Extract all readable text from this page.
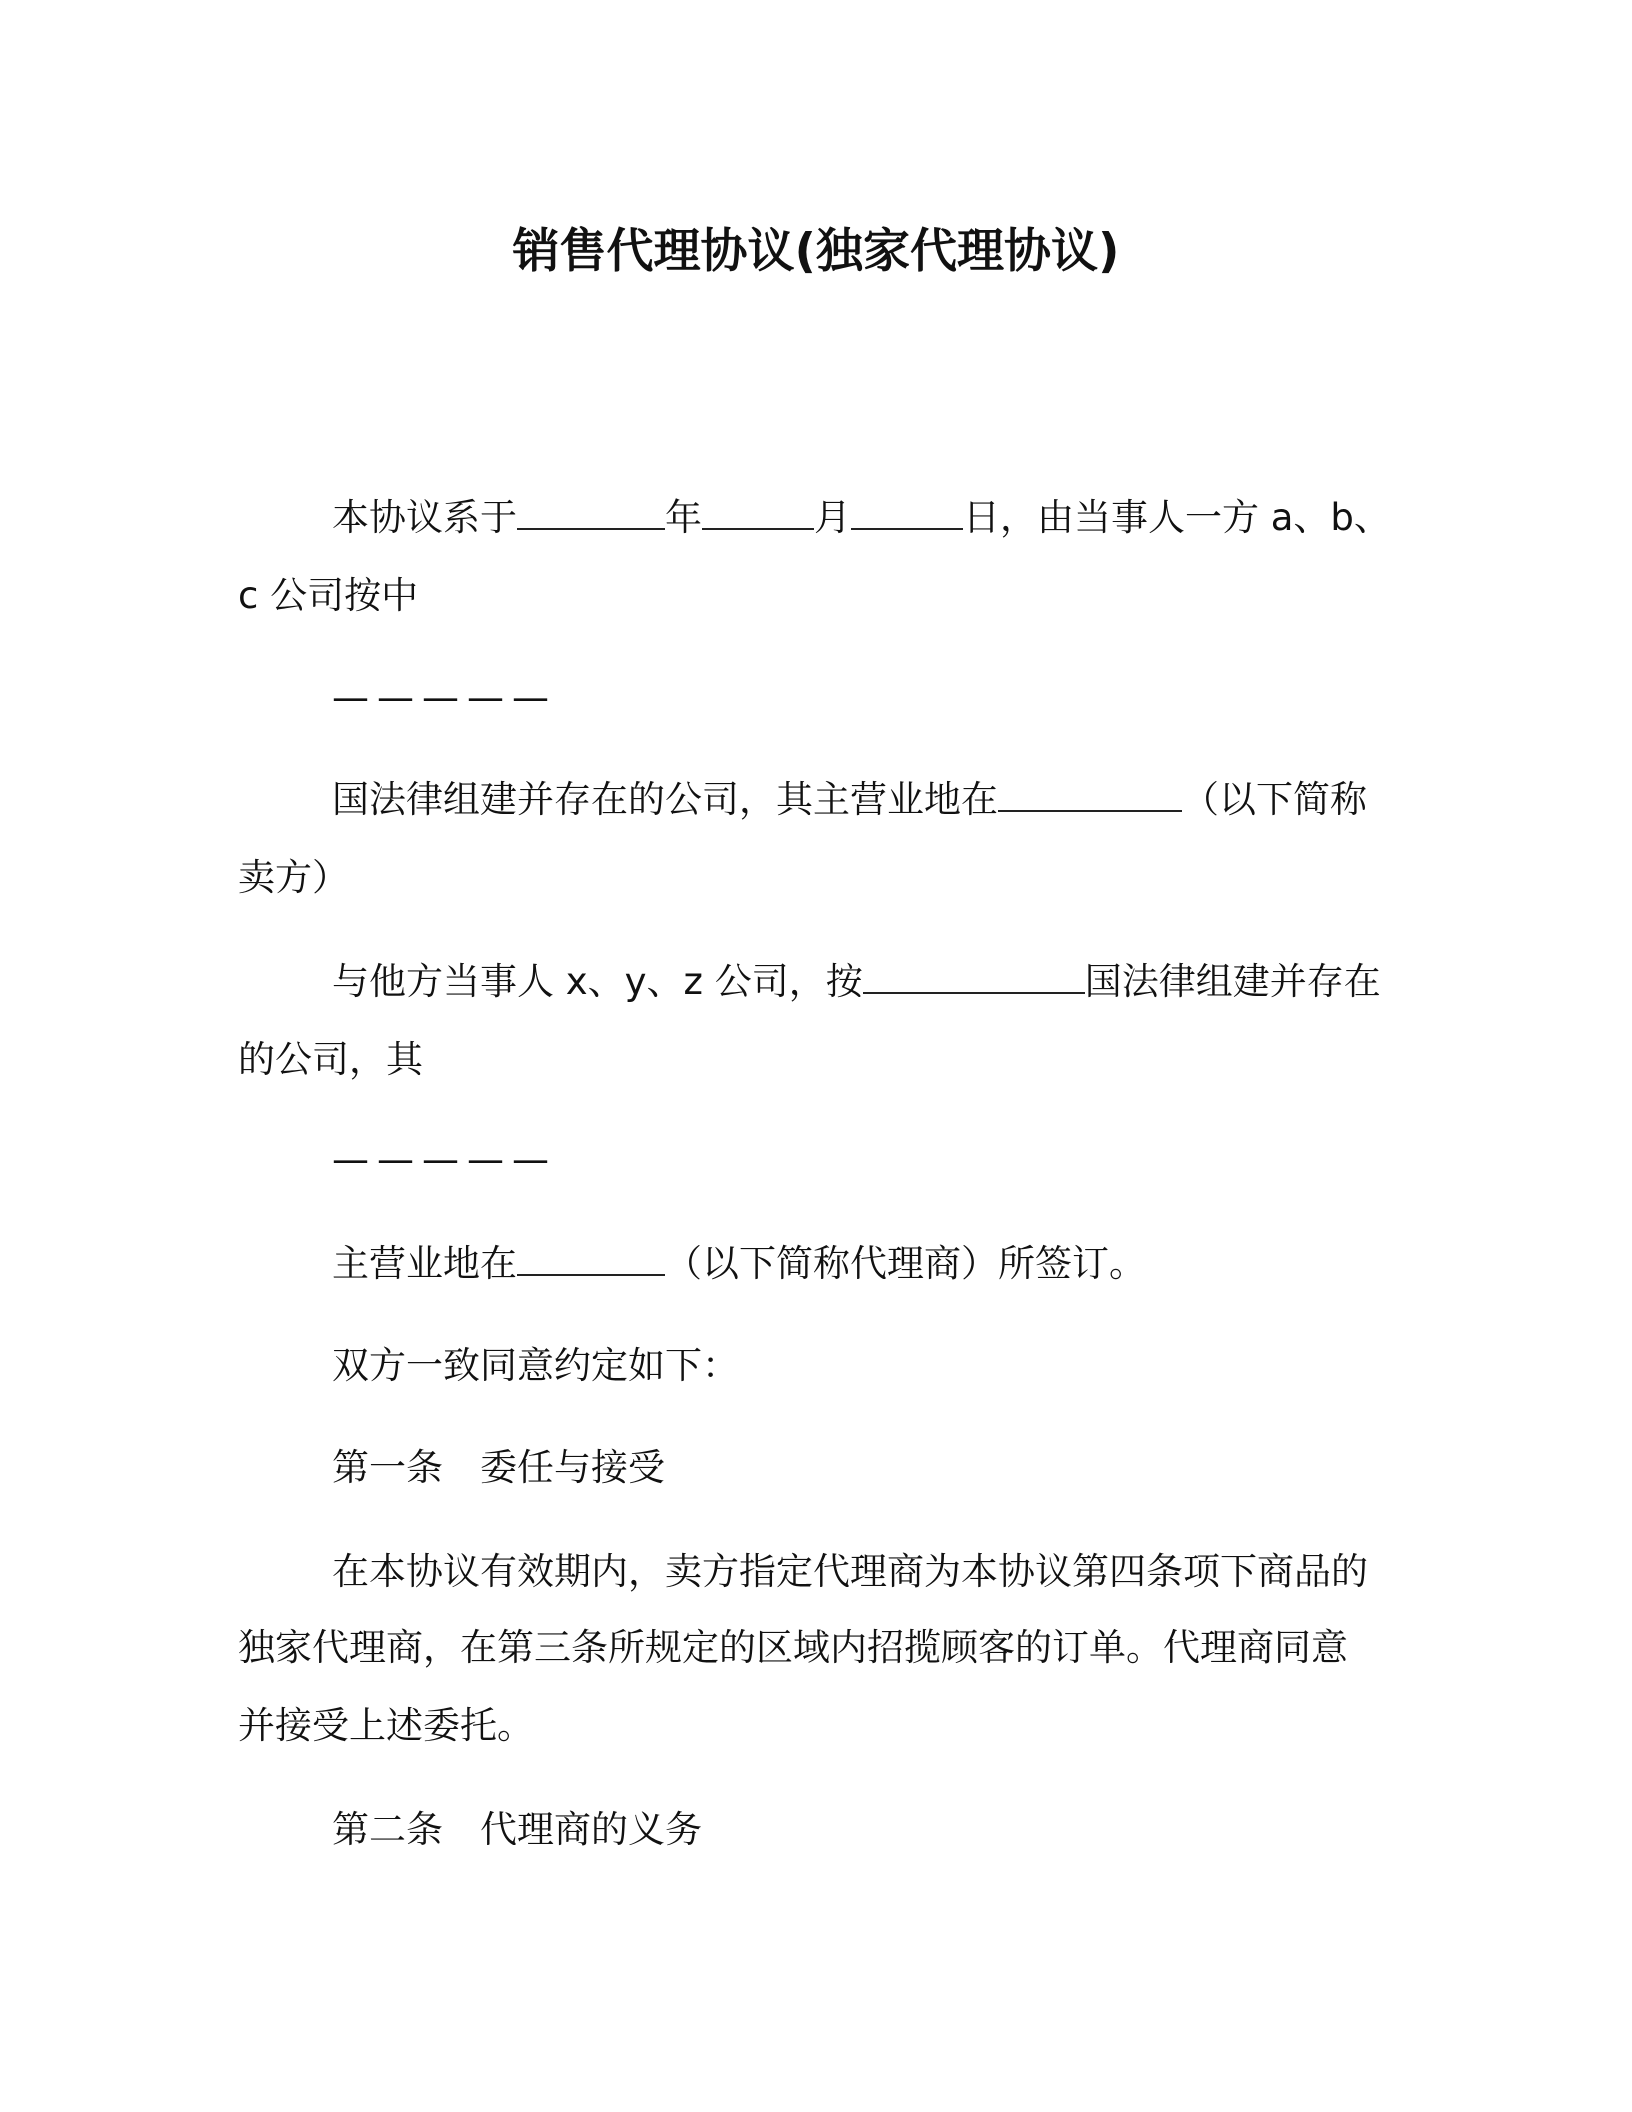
销售代理协议(独家代理协议)
本协议系于	年	月	日，由当事人一方 a、b、
c 公司按中
—————
国法律组建并存在的公司，其主营业地在	（以下简称
卖方）
与他方当事人 x、y、z 公司，按	国法律组建并存在
的公司，其
—————
主营业地在	（以下简称代理商）所签订。
双方一致同意约定如下：
第一条　委任与接受
在本协议有效期内，卖方指定代理商为本协议第四条项下商品的
独家代理商，在第三条所规定的区域内招揽顾客的订单。代理商同意
并接受上述委托。
第二条　代理商的义务
